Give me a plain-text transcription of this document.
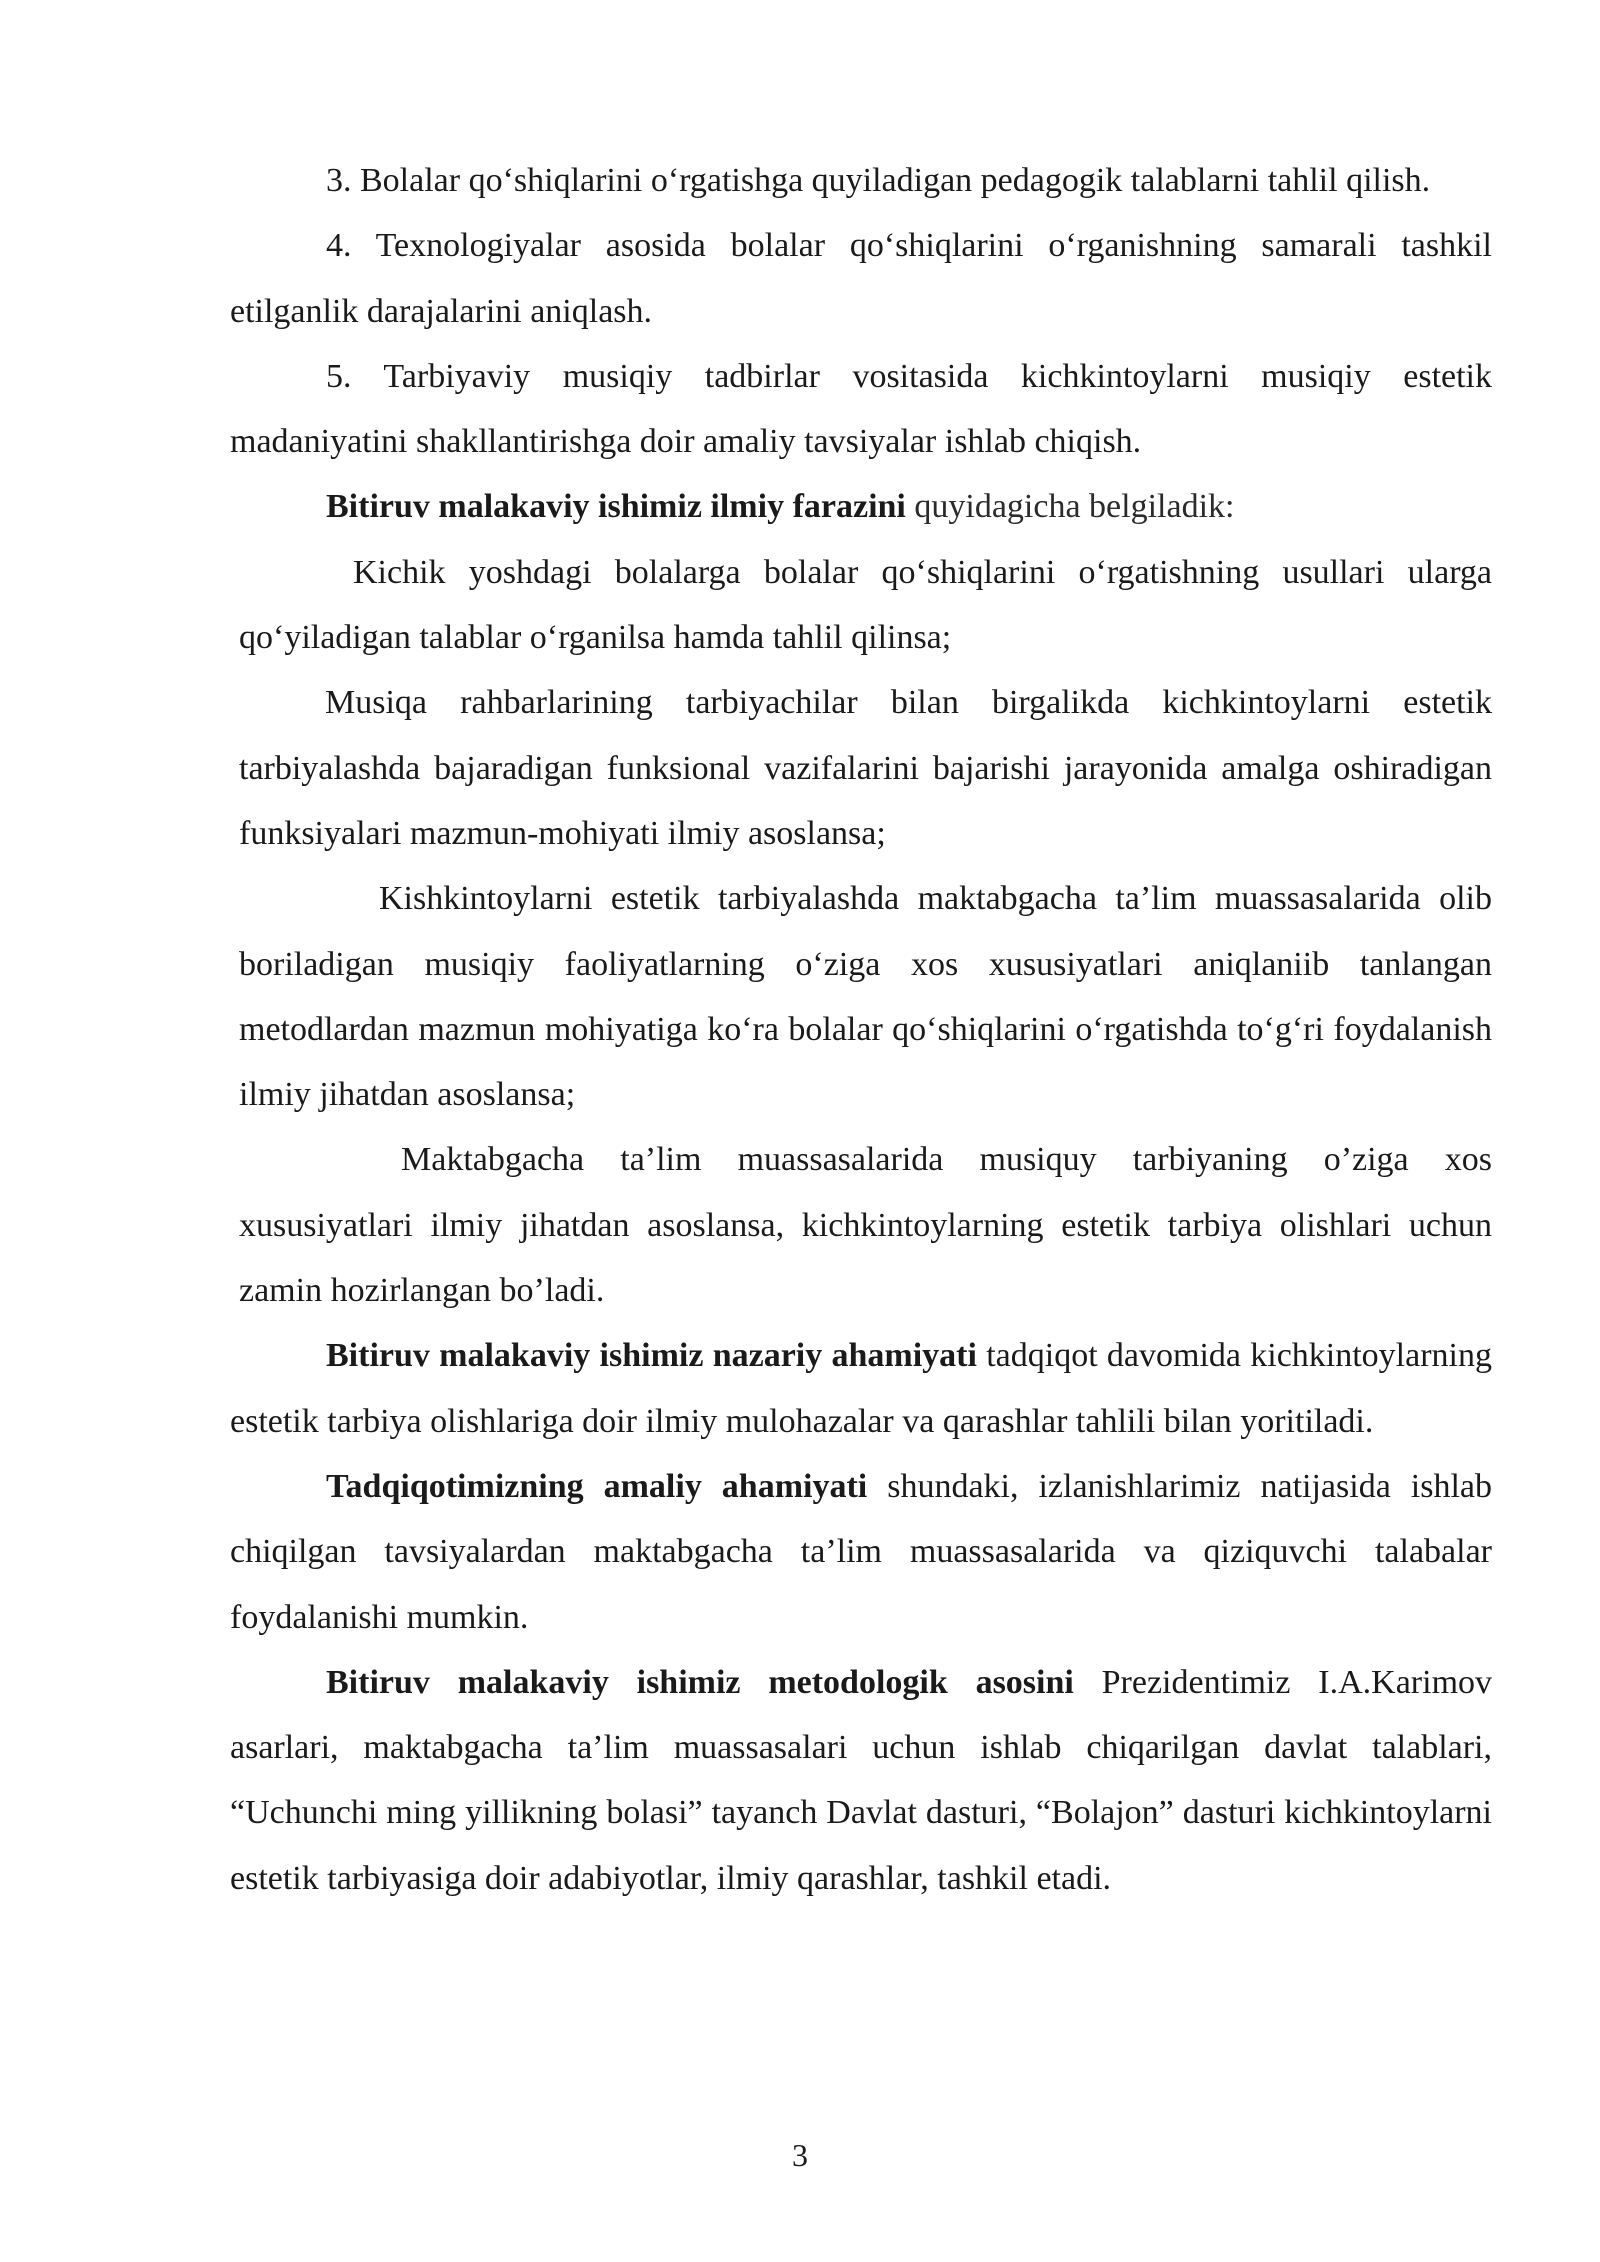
3. Bolalar qo‘shiqlarini o‘rgatishga quyiladigan pedagogik talablarni tahlil qilish.

4. Texnologiyalar asosida bolalar qo‘shiqlarini o‘rganishning samarali tashkil etilganlik darajalarini aniqlash.

5. Tarbiyaviy musiqiy tadbirlar vositasida kichkintoylarni musiqiy estetik madaniyatini shakllantirishga doir amaliy tavsiyalar ishlab chiqish.

Bitiruv malakaviy ishimiz ilmiy farazini quyidagicha belgiladik:

Kichik yoshdagi bolalarga bolalar qo‘shiqlarini o‘rgatishning usullari ularga qo‘yiladigan talablar o‘rganilsa hamda tahlil qilinsa;

Musiqa rahbarlarining tarbiyachilar bilan birgalikda kichkintoylarni estetik tarbiyalashda bajaradigan funksional vazifalarini bajarishi jarayonida amalga oshiradigan funksiyalari mazmun-mohiyati ilmiy asoslansa;

Kishkintoylarni estetik tarbiyalashda maktabgacha ta’lim muassasalarida olib boriladigan musiqiy faoliyatlarning o‘ziga xos xususiyatlari aniqlaniib tanlangan metodlardan mazmun mohiyatiga ko‘ra bolalar qo‘shiqlarini o‘rgatishda to‘g‘ri foydalanish ilmiy jihatdan asoslansa;

Maktabgacha ta’lim muassasalarida musiquy tarbiyaning o’ziga xos xususiyatlari ilmiy jihatdan asoslansa, kichkintoylarning estetik tarbiya olishlari uchun zamin hozirlangan bo’ladi.

Bitiruv malakaviy ishimiz nazariy ahamiyati tadqiqot davomida kichkintoylarning estetik tarbiya olishlariga doir ilmiy mulohazalar va qarashlar tahlili bilan yoritiladi.

Tadqiqotimizning amaliy ahamiyati shundaki, izlanishlarimiz natijasida ishlab chiqilgan tavsiyalardan maktabgacha ta’lim muassasalarida va qiziquvchi talabalar foydalanishi mumkin.

Bitiruv malakaviy ishimiz metodologik asosini Prezidentimiz I.A.Karimov asarlari, maktabgacha ta’lim muassasalari uchun ishlab chiqarilgan davlat talablari, “Uchunchi ming yillikning bolasi” tayanch Davlat dasturi, “Bolajon” dasturi kichkintoylarni estetik tarbiyasiga doir adabiyotlar, ilmiy qarashlar, tashkil etadi.

3
